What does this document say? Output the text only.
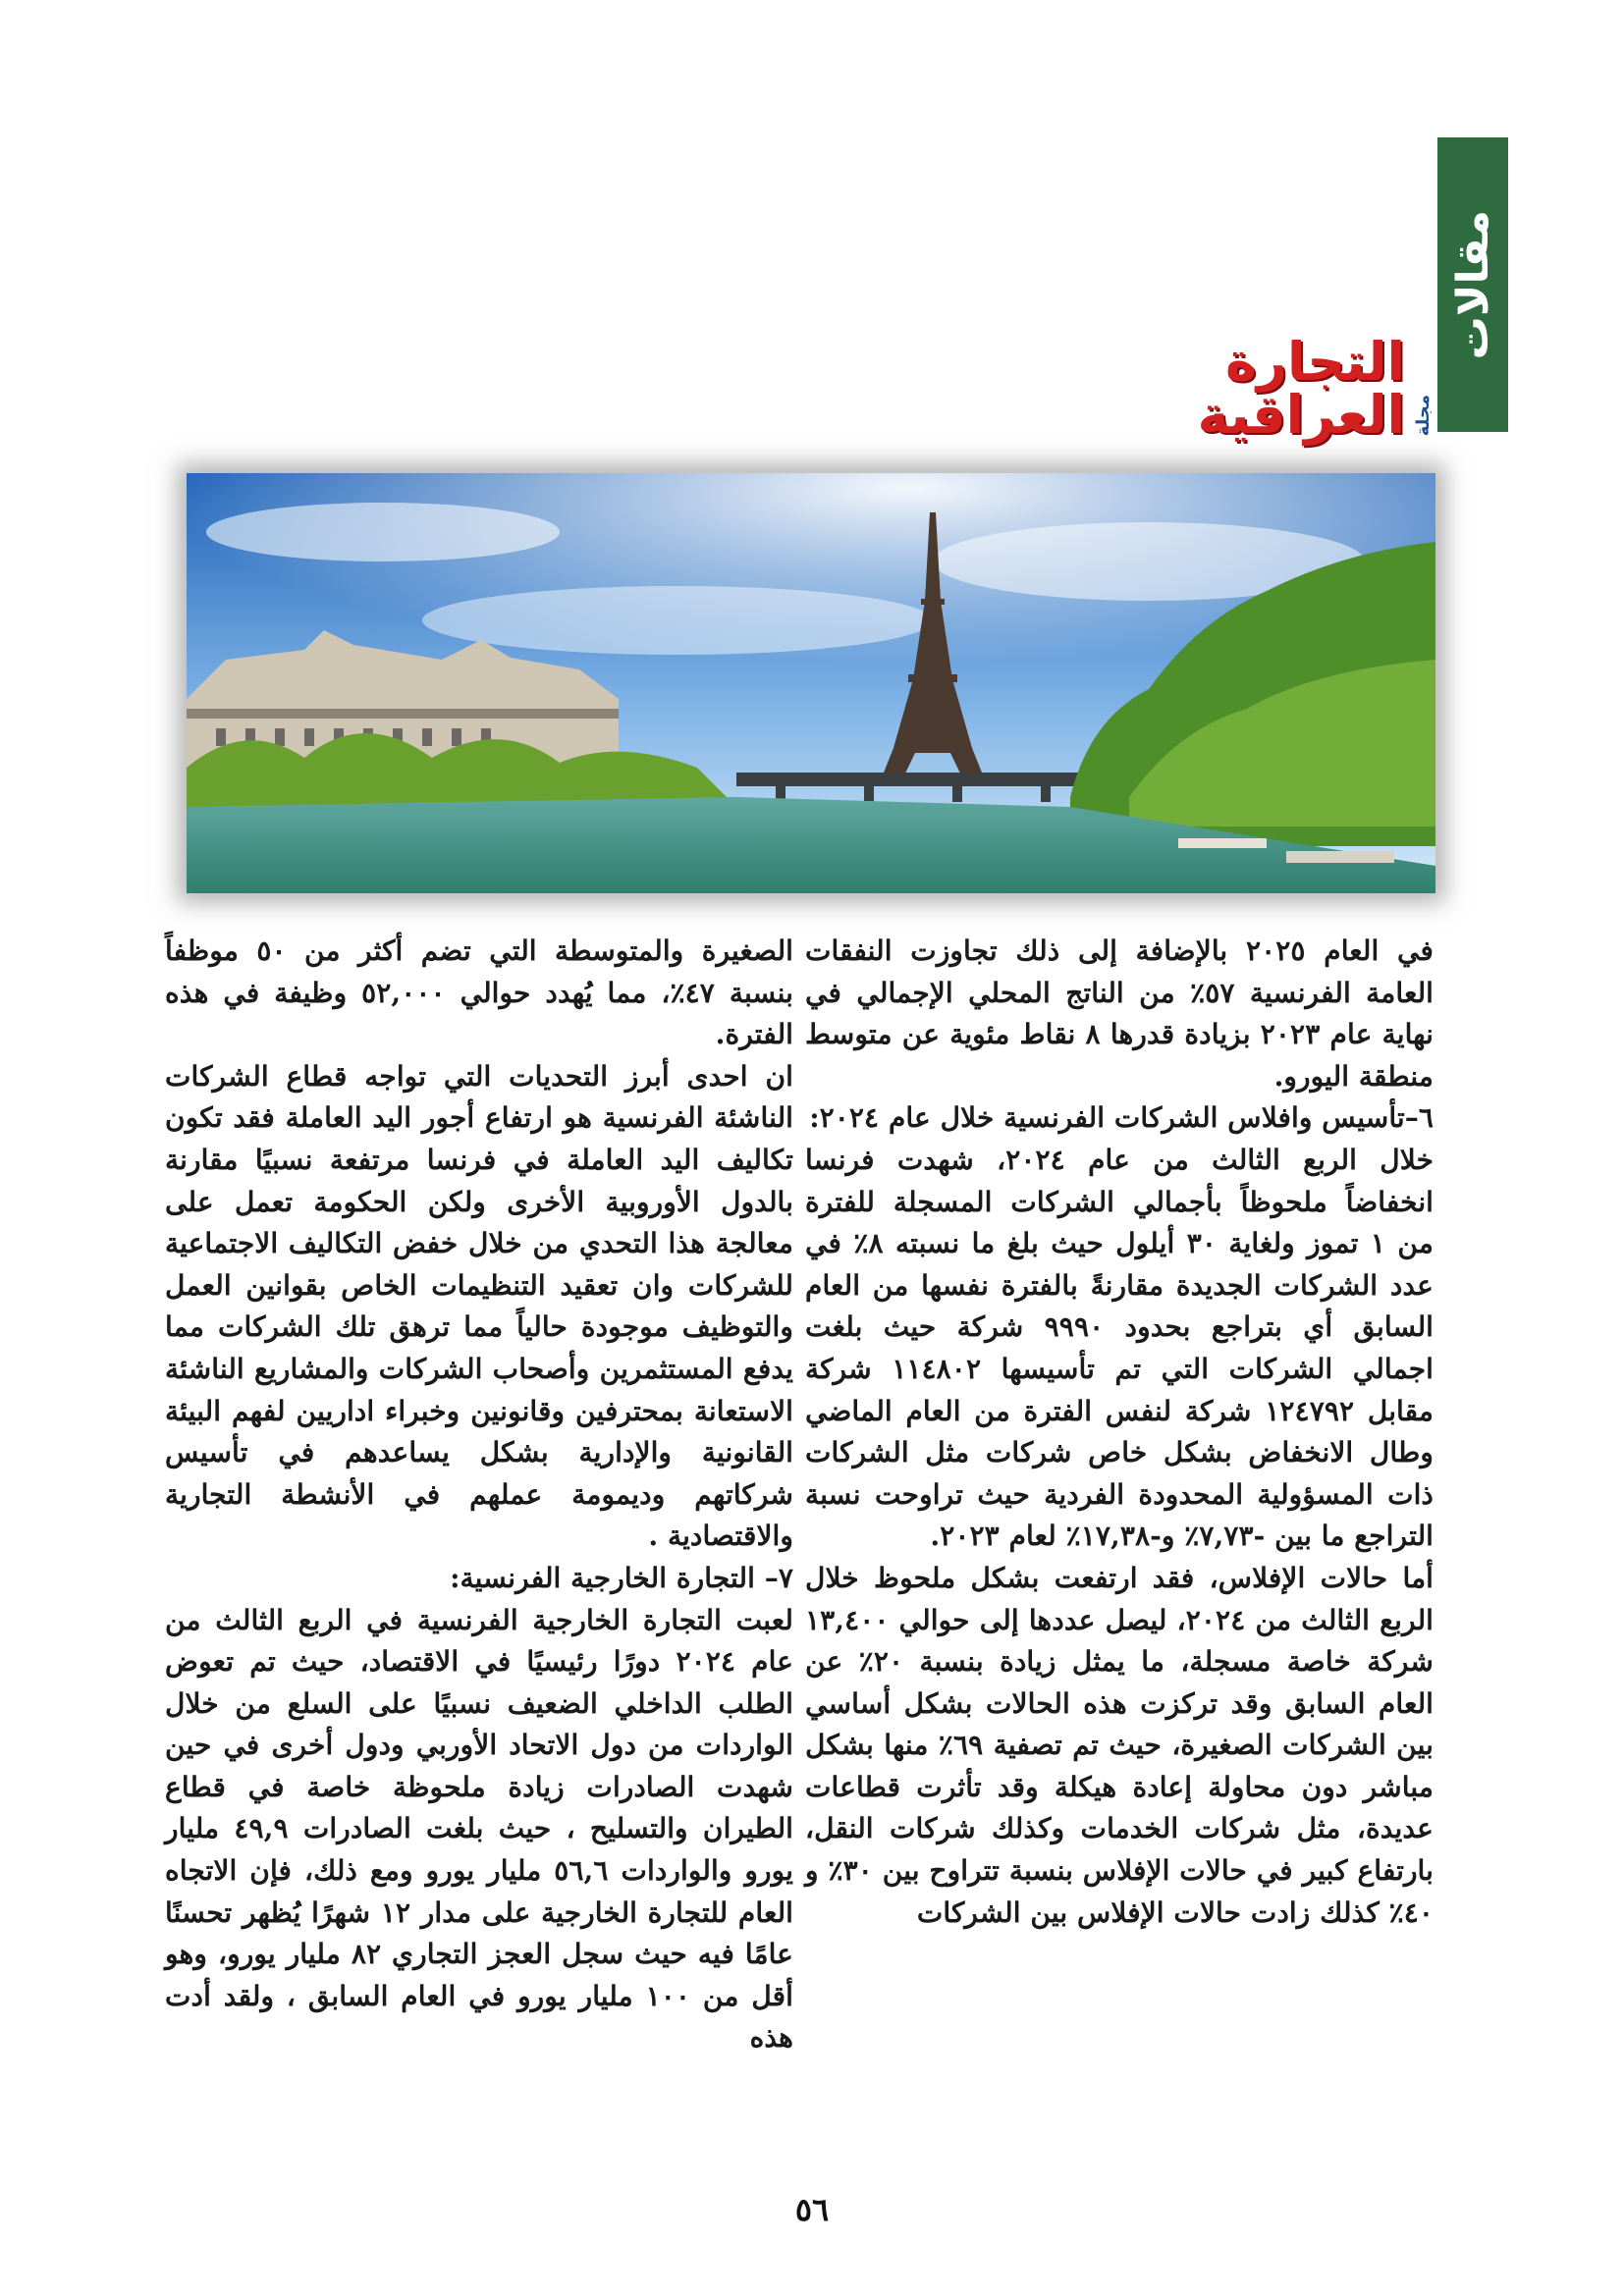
مقالات
مجلة
التجارة العراقية

في العام ٢٠٢٥ بالإضافة إلى ذلك تجاوزت النفقات العامة الفرنسية ٥٧٪ من الناتج المحلي الإجمالي في نهاية عام ٢٠٢٣ بزيادة قدرها ٨ نقاط مئوية عن متوسط منطقة اليورو.

٦–تأسيس وافلاس الشركات الفرنسية خلال عام ٢٠٢٤:

خلال الربع الثالث من عام ٢٠٢٤، شهدت فرنسا انخفاضاً ملحوظاً بأجمالي الشركات المسجلة للفترة من ١ تموز ولغاية ٣٠ أيلول حيث بلغ ما نسبته ٨٪ في عدد الشركات الجديدة مقارنةً بالفترة نفسها من العام السابق أي بتراجع بحدود ٩٩٩٠ شركة حيث بلغت اجمالي الشركات التي تم تأسيسها ١١٤٨٠٢ شركة مقابل ١٢٤٧٩٢ شركة لنفس الفترة من العام الماضي وطال الانخفاض بشكل خاص شركات مثل الشركات ذات المسؤولية المحدودة الفردية حيث تراوحت نسبة التراجع ما بين -٧,٧٣٪ و-١٧,٣٨٪ لعام ٢٠٢٣.

أما حالات الإفلاس، فقد ارتفعت بشكل ملحوظ خلال الربع الثالث من ٢٠٢٤، ليصل عددها إلى حوالي ١٣,٤٠٠ شركة خاصة مسجلة، ما يمثل زيادة بنسبة ٢٠٪ عن العام السابق وقد تركزت هذه الحالات بشكل أساسي بين الشركات الصغيرة، حيث تم تصفية ٦٩٪ منها بشكل مباشر دون محاولة إعادة هيكلة وقد تأثرت قطاعات عديدة، مثل شركات الخدمات وكذلك شركات النقل، بارتفاع كبير في حالات الإفلاس بنسبة تتراوح بين ٣٠٪ و ٤٠٪ كذلك زادت حالات الإفلاس بين الشركات

الصغيرة والمتوسطة التي تضم أكثر من ٥٠ موظفاً بنسبة ٤٧٪، مما يُهدد حوالي ٥٢,٠٠٠ وظيفة في هذه الفترة.

ان احدى أبرز التحديات التي تواجه قطاع الشركات الناشئة الفرنسية هو ارتفاع أجور اليد العاملة فقد تكون تكاليف اليد العاملة في فرنسا مرتفعة نسبيًا مقارنة بالدول الأوروبية الأخرى ولكن الحكومة تعمل على معالجة هذا التحدي من خلال خفض التكاليف الاجتماعية للشركات وان تعقيد التنظيمات الخاص بقوانين العمل والتوظيف موجودة حالياً مما ترهق تلك الشركات مما يدفع المستثمرين وأصحاب الشركات والمشاريع الناشئة الاستعانة بمحترفين وقانونين وخبراء اداريين لفهم البيئة القانونية والإدارية بشكل يساعدهم في تأسيس شركاتهم وديمومة عملهم في الأنشطة التجارية والاقتصادية .

٧– التجارة الخارجية الفرنسية:

لعبت التجارة الخارجية الفرنسية في الربع الثالث من عام ٢٠٢٤ دورًا رئيسيًا في الاقتصاد، حيث تم تعوض الطلب الداخلي الضعيف نسبيًا على السلع من خلال الواردات من دول الاتحاد الأوربي ودول أخرى في حين شهدت الصادرات زيادة ملحوظة خاصة في قطاع الطيران والتسليح ، حيث بلغت الصادرات ٤٩,٩ مليار يورو والواردات ٥٦,٦ مليار يورو ومع ذلك، فإن الاتجاه العام للتجارة الخارجية على مدار ١٢ شهرًا يُظهر تحسنًا عامًا فيه حيث سجل العجز التجاري ٨٢ مليار يورو، وهو أقل من ١٠٠ مليار يورو في العام السابق ، ولقد أدت هذه

٥٦
